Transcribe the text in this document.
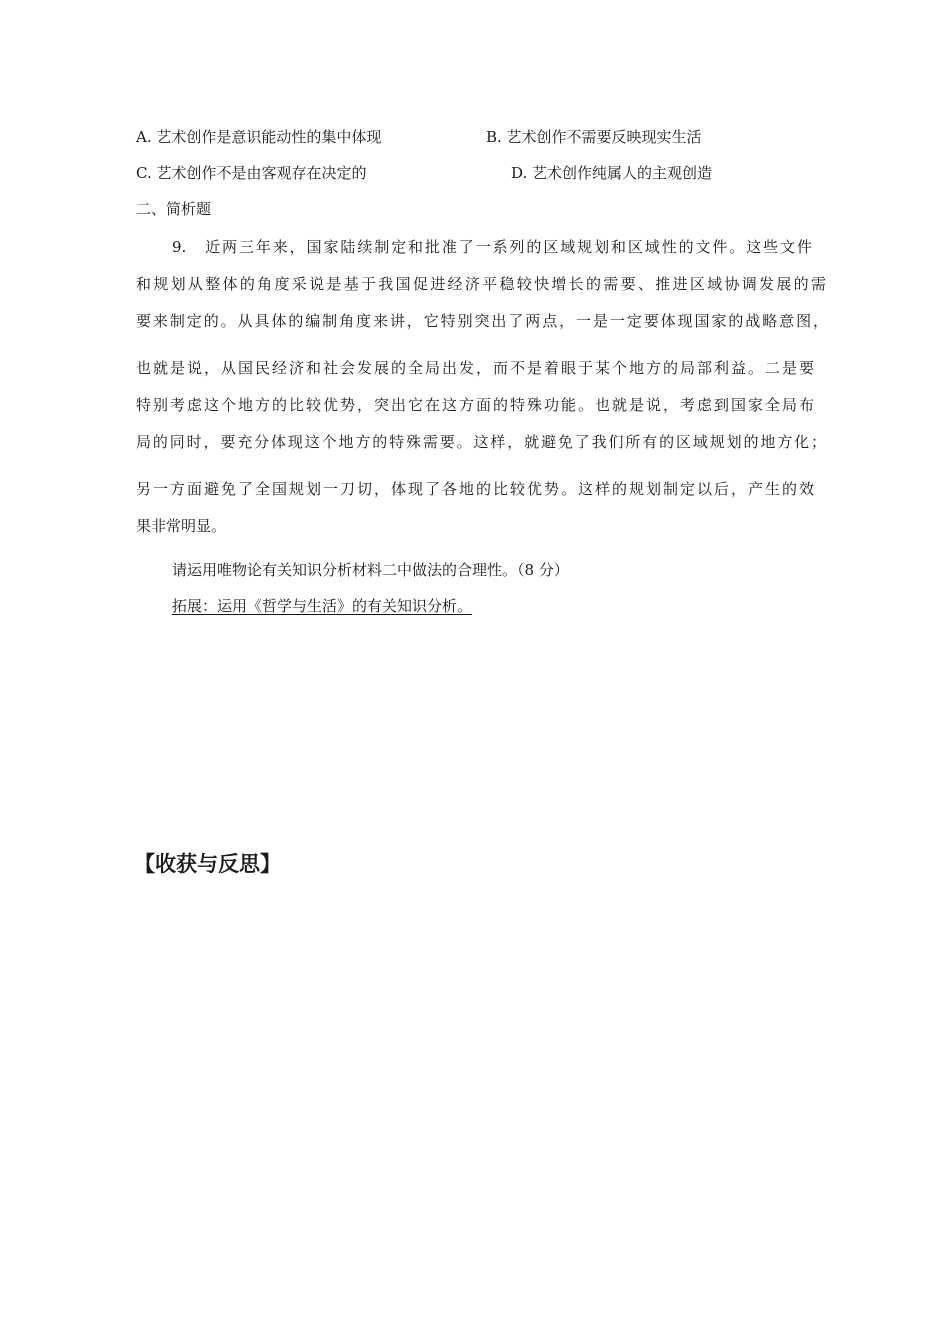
A. 艺术创作是意识能动性的集中体现	B. 艺术创作不需要反映现实生活
C. 艺术创作不是由客观存在决定的	D. 艺术创作纯属人的主观创造
二、简析题
9.　近两三年来，国家陆续制定和批准了一系列的区域规划和区域性的文件。这些文件
和规划从整体的角度采说是基于我国促进经济平稳较快增长的需要、推进区域协调发展的需
要来制定的。从具体的编制角度来讲，它特别突出了两点，一是一定要体现国家的战略意图，
也就是说，从国民经济和社会发展的全局出发，而不是着眼于某个地方的局部利益。二是要
特别考虑这个地方的比较优势，突出它在这方面的特殊功能。也就是说，考虑到国家全局布
局的同时，要充分体现这个地方的特殊需要。这样，就避免了我们所有的区域规划的地方化；
另一方面避免了全国规划一刀切，体现了各地的比较优势。这样的规划制定以后，产生的效
果非常明显。
请运用唯物论有关知识分析材料二中做法的合理性。（8 分）
拓展：运用《哲学与生活》的有关知识分析。
【收获与反思】
